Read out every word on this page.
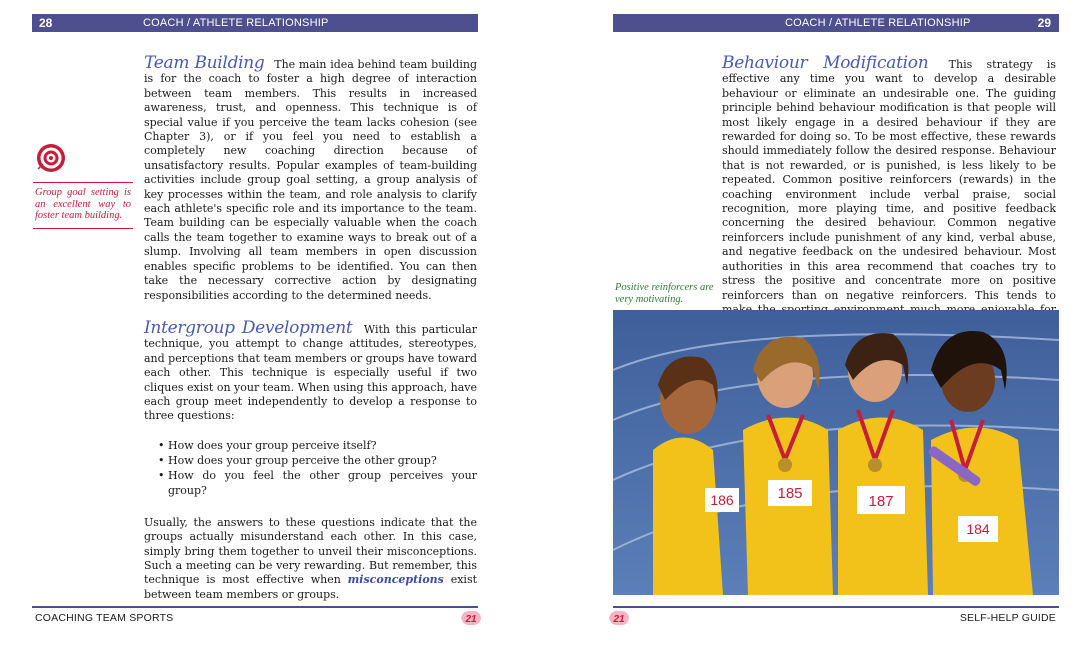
28	COACH / ATHLETE RELATIONSHIP	COACH / ATHLETE RELATIONSHIP	29
Group goal setting is an excellent way to foster team building.

Team Building The main idea behind team building is for the coach to foster a high degree of interaction between team members. This results in increased awareness, trust, and openness. This technique is of special value if you perceive the team lacks cohesion (see Chapter 3), or if you feel you need to establish a completely new coaching direction because of unsatisfactory results. Popular examples of team-building activities include group goal setting, a group analysis of key processes within the team, and role analysis to clarify each athlete's specific role and its importance to the team. Team building can be especially valuable when the coach calls the team together to examine ways to break out of a slump. Involving all team members in open discussion enables specific problems to be identified. You can then take the necessary corrective action by designating responsibilities according to the determined needs.

Intergroup Development With this particular technique, you attempt to change attitudes, stereotypes, and perceptions that team members or groups have toward each other. This technique is especially useful if two cliques exist on your team. When using this approach, have each group meet independently to develop a response to three questions:

• How does your group perceive itself?
• How does your group perceive the other group?
• How do you feel the other group perceives your group?

Usually, the answers to these questions indicate that the groups actually misunderstand each other. In this case, simply bring them together to unveil their misconceptions. Such a meeting can be very rewarding. But remember, this technique is most effective when misconceptions exist between team members or groups.

Behaviour Modification This strategy is effective any time you want to develop a desirable behaviour or eliminate an undesirable one. The guiding principle behind behaviour modification is that people will most likely engage in a desired behaviour if they are rewarded for doing so. To be most effective, these rewards should immediately follow the desired response. Behaviour that is not rewarded, or is punished, is less likely to be repeated. Common positive reinforcers (rewards) in the coaching environment include verbal praise, social recognition, more playing time, and positive feedback concerning the desired behaviour. Common negative reinforcers include punishment of any kind, verbal abuse, and negative feedback on the undesired behaviour. Most authorities in this area recommend that coaches try to stress the positive and concentrate more on positive reinforcers than on negative reinforcers. This tends to

Positive reinforcers are very motivating.
186	185	187
184
COACHING TEAM SPORTS	SELF-HELP GUIDE
21	21
